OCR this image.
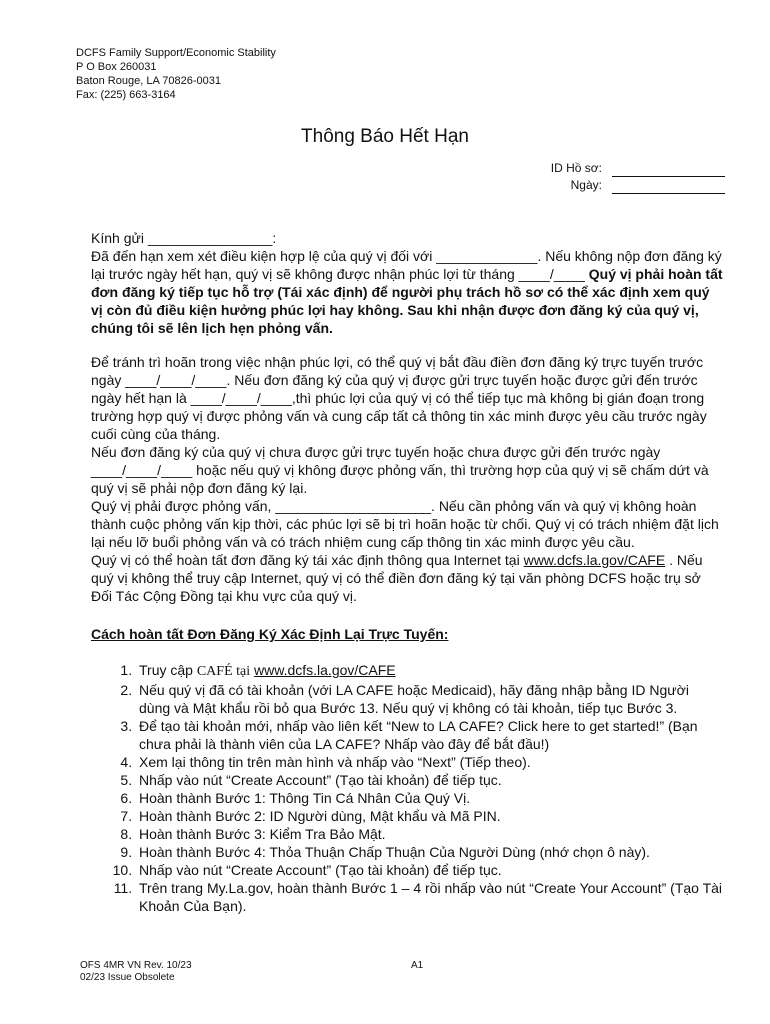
DCFS Family Support/Economic Stability
P O Box 260031
Baton Rouge, LA 70826-0031
Fax: (225) 663-3164
Thông Báo Hết Hạn
ID Hồ sơ:
Ngày:

Kính gửi ________________:

Đã đến hạn xem xét điều kiện hợp lệ của quý vị đối với _____________. Nếu không nộp đơn đăng ký lại trước ngày hết hạn, quý vị sẽ không được nhận phúc lợi từ tháng ____/____ Quý vị phải hoàn tất đơn đăng ký tiếp tục hỗ trợ (Tái xác định) để người phụ trách hồ sơ có thể xác định xem quý vị còn đủ điều kiện hưởng phúc lợi hay không. Sau khi nhận được đơn đăng ký của quý vị, chúng tôi sẽ lên lịch hẹn phỏng vấn.

Để tránh trì hoãn trong việc nhận phúc lợi, có thể quý vị bắt đầu điền đơn đăng ký trực tuyến trước ngày ____/____/____. Nếu đơn đăng ký của quý vị được gửi trực tuyến hoặc được gửi đến trước ngày hết hạn là ____/____/____,thì phúc lợi của quý vị có thể tiếp tục mà không bị gián đoạn trong trường hợp quý vị được phỏng vấn và cung cấp tất cả thông tin xác minh được yêu cầu trước ngày cuối cùng của tháng.

Nếu đơn đăng ký của quý vị chưa được gửi trực tuyến hoặc chưa được gửi đến trước ngày ____/____/____ hoặc nếu quý vị không được phỏng vấn, thì trường hợp của quý vị sẽ chấm dứt và quý vị sẽ phải nộp đơn đăng ký lại.

Quý vị phải được phỏng vấn, ____________________. Nếu cần phỏng vấn và quý vị không hoàn thành cuộc phỏng vấn kịp thời, các phúc lợi sẽ bị trì hoãn hoặc từ chối. Quý vị có trách nhiệm đặt lịch lại nếu lỡ buổi phỏng vấn và có trách nhiệm cung cấp thông tin xác minh được yêu cầu.

Quý vị có thể hoàn tất đơn đăng ký tái xác định thông qua Internet tại www.dcfs.la.gov/CAFE . Nếu quý vị không thể truy cập Internet, quý vị có thể điền đơn đăng ký tại văn phòng DCFS hoặc trụ sở Đối Tác Cộng Đồng tại khu vực của quý vị.

Cách hoàn tất Đơn Đăng Ký Xác Định Lại Trực Tuyến:

1. Truy cập CAFÉ tại www.dcfs.la.gov/CAFE
2. Nếu quý vị đã có tài khoản (với LA CAFE hoặc Medicaid), hãy đăng nhập bằng ID Người dùng và Mật khẩu rồi bỏ qua Bước 13. Nếu quý vị không có tài khoản, tiếp tục Bước 3.
3. Để tạo tài khoản mới, nhấp vào liên kết “New to LA CAFE? Click here to get started!” (Bạn chưa phải là thành viên của LA CAFE? Nhấp vào đây để bắt đầu!)
4. Xem lại thông tin trên màn hình và nhấp vào “Next” (Tiếp theo).
5. Nhấp vào nút “Create Account” (Tạo tài khoản) để tiếp tục.
6. Hoàn thành Bước 1: Thông Tin Cá Nhân Của Quý Vị.
7. Hoàn thành Bước 2: ID Người dùng, Mật khẩu và Mã PIN.
8. Hoàn thành Bước 3: Kiểm Tra Bảo Mật.
9. Hoàn thành Bước 4: Thỏa Thuận Chấp Thuận Của Người Dùng (nhớ chọn ô này).
10. Nhấp vào nút “Create Account” (Tạo tài khoản) để tiếp tục.
11. Trên trang My.La.gov, hoàn thành Bước 1 – 4 rồi nhấp vào nút “Create Your Account” (Tạo Tài Khoản Của Bạn).
OFS 4MR VN Rev. 10/23
02/23 Issue Obsolete
A1
